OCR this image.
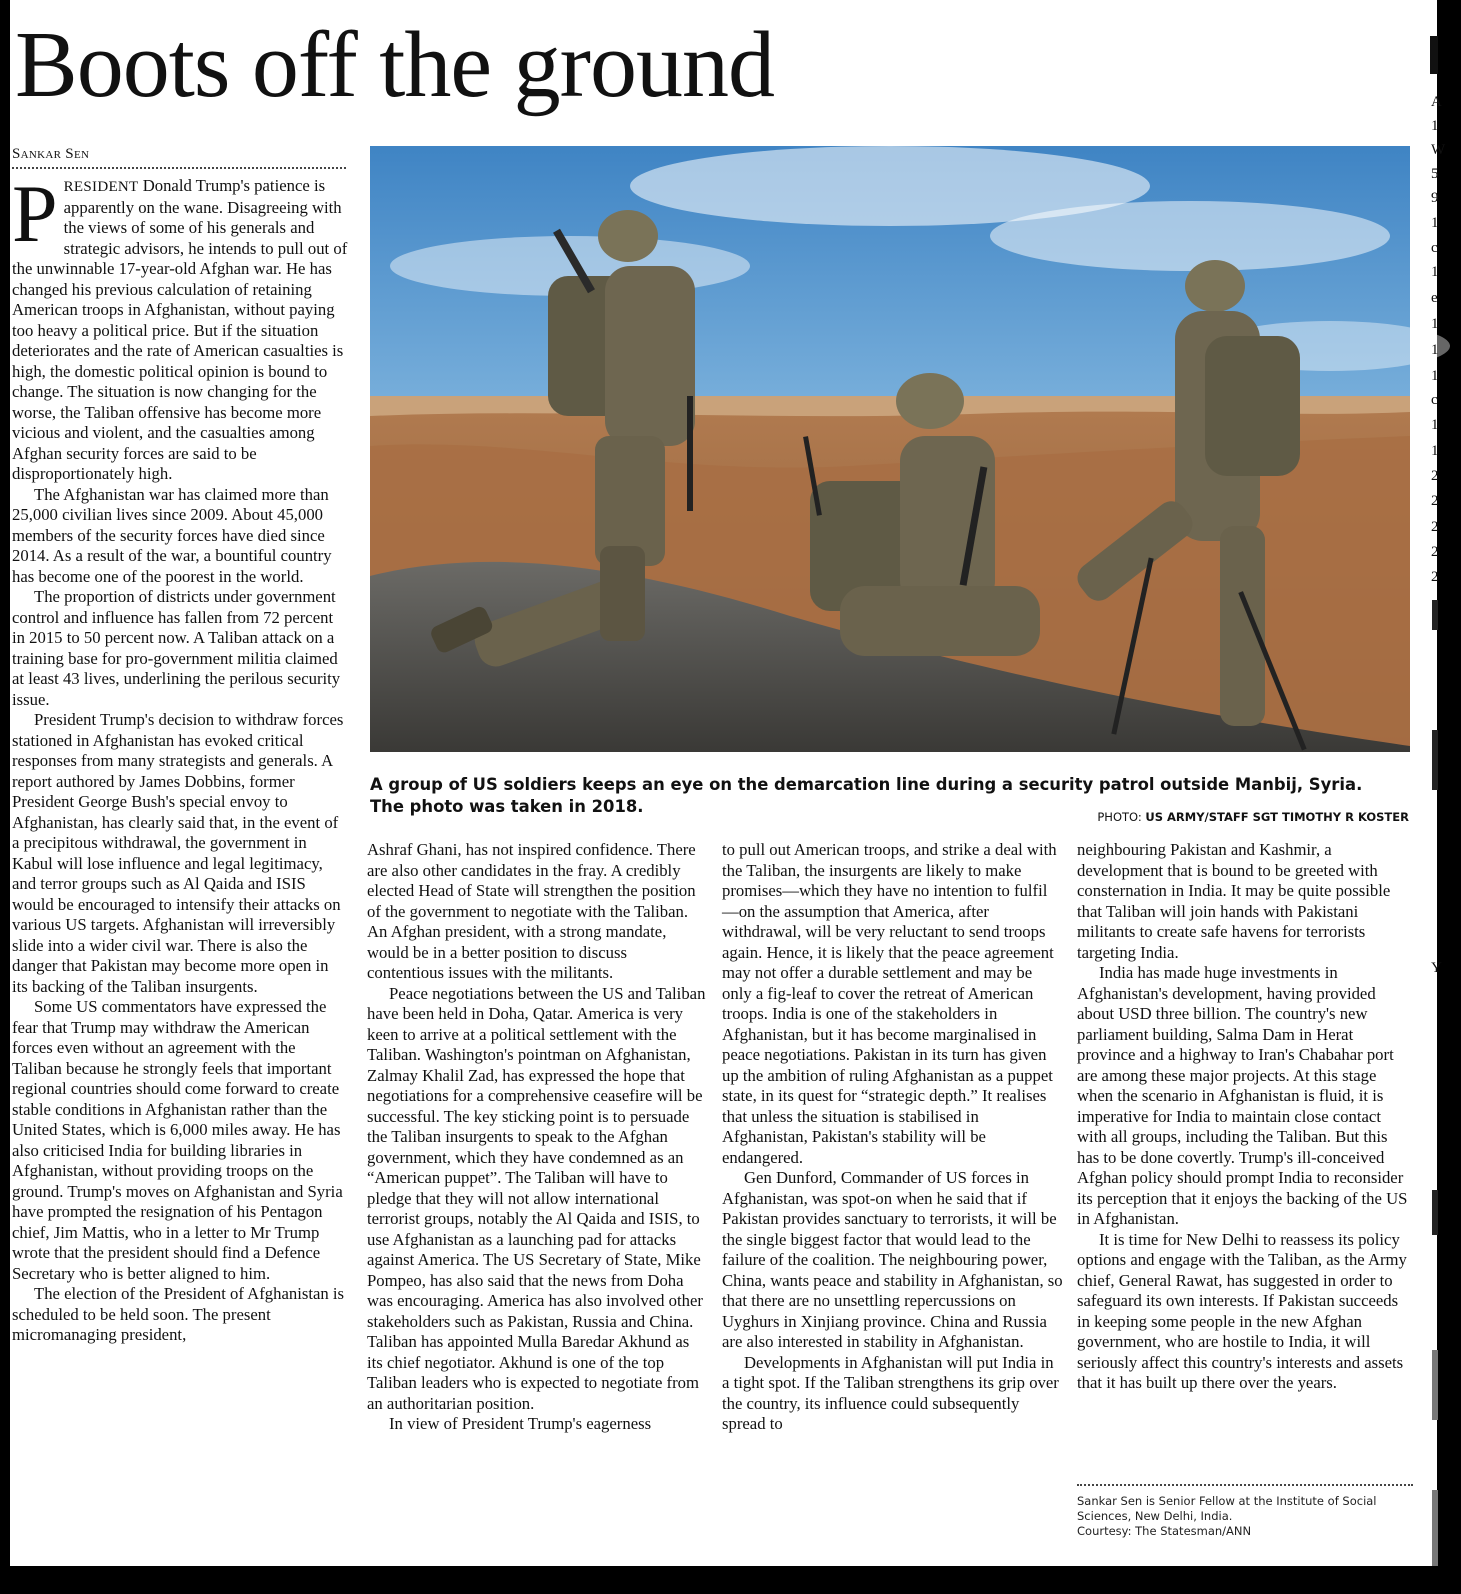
Boots off the ground
Sankar Sen

PRESIDENT Donald Trump's patience is apparently on the wane. Disagreeing with the views of some of his generals and strategic advisors, he intends to pull out of the unwinnable 17-year-old Afghan war. He has changed his previous calculation of retaining American troops in Afghanistan, without paying too heavy a political price. But if the situation deteriorates and the rate of American casualties is high, the domestic political opinion is bound to change. The situation is now changing for the worse, the Taliban offensive has become more vicious and violent, and the casualties among Afghan security forces are said to be disproportionately high.

The Afghanistan war has claimed more than 25,000 civilian lives since 2009. About 45,000 members of the security forces have died since 2014. As a result of the war, a bountiful country has become one of the poorest in the world.

The proportion of districts under government control and influence has fallen from 72 percent in 2015 to 50 percent now. A Taliban attack on a training base for pro-government militia claimed at least 43 lives, underlining the perilous security issue.

President Trump's decision to withdraw forces stationed in Afghanistan has evoked critical responses from many strategists and generals. A report authored by James Dobbins, former President George Bush's special envoy to Afghanistan, has clearly said that, in the event of a precipitous withdrawal, the government in Kabul will lose influence and legal legitimacy, and terror groups such as Al Qaida and ISIS would be encouraged to intensify their attacks on various US targets. Afghanistan will irreversibly slide into a wider civil war. There is also the danger that Pakistan may become more open in its backing of the Taliban insurgents.

Some US commentators have expressed the fear that Trump may withdraw the American forces even without an agreement with the Taliban because he strongly feels that important regional countries should come forward to create stable conditions in Afghanistan rather than the United States, which is 6,000 miles away. He has also criticised India for building libraries in Afghanistan, without providing troops on the ground. Trump's moves on Afghanistan and Syria have prompted the resignation of his Pentagon chief, Jim Mattis, who in a letter to Mr Trump wrote that the president should find a Defence Secretary who is better aligned to him.

The election of the President of Afghanistan is scheduled to be held soon. The present micromanaging president,

A group of US soldiers keeps an eye on the demarcation line during a security patrol outside Manbij, Syria. The photo was taken in 2018.

PHOTO: US ARMY/STAFF SGT TIMOTHY R KOSTER

Ashraf Ghani, has not inspired confidence. There are also other candidates in the fray. A credibly elected Head of State will strengthen the position of the government to negotiate with the Taliban. An Afghan president, with a strong mandate, would be in a better position to discuss contentious issues with the militants.

Peace negotiations between the US and Taliban have been held in Doha, Qatar. America is very keen to arrive at a political settlement with the Taliban. Washington's pointman on Afghanistan, Zalmay Khalil Zad, has expressed the hope that negotiations for a comprehensive ceasefire will be successful. The key sticking point is to persuade the Taliban insurgents to speak to the Afghan government, which they have condemned as an “American puppet”. The Taliban will have to pledge that they will not allow international terrorist groups, notably the Al Qaida and ISIS, to use Afghanistan as a launching pad for attacks against America. The US Secretary of State, Mike Pompeo, has also said that the news from Doha was encouraging. America has also involved other stakeholders such as Pakistan, Russia and China. Taliban has appointed Mulla Baredar Akhund as its chief negotiator. Akhund is one of the top Taliban leaders who is expected to negotiate from an authoritarian position.

In view of President Trump's eagerness

to pull out American troops, and strike a deal with the Taliban, the insurgents are likely to make promises—which they have no intention to fulfil—on the assumption that America, after withdrawal, will be very reluctant to send troops again. Hence, it is likely that the peace agreement may not offer a durable settlement and may be only a fig-leaf to cover the retreat of American troops. India is one of the stakeholders in Afghanistan, but it has become marginalised in peace negotiations. Pakistan in its turn has given up the ambition of ruling Afghanistan as a puppet state, in its quest for “strategic depth.” It realises that unless the situation is stabilised in Afghanistan, Pakistan's stability will be endangered.

Gen Dunford, Commander of US forces in Afghanistan, was spot-on when he said that if Pakistan provides sanctuary to terrorists, it will be the single biggest factor that would lead to the failure of the coalition. The neighbouring power, China, wants peace and stability in Afghanistan, so that there are no unsettling repercussions on Uyghurs in Xinjiang province. China and Russia are also interested in stability in Afghanistan.

Developments in Afghanistan will put India in a tight spot. If the Taliban strengthens its grip over the country, its influence could subsequently spread to

neighbouring Pakistan and Kashmir, a development that is bound to be greeted with consternation in India. It may be quite possible that Taliban will join hands with Pakistani militants to create safe havens for terrorists targeting India.

India has made huge investments in Afghanistan's development, having provided about USD three billion. The country's new parliament building, Salma Dam in Herat province and a highway to Iran's Chabahar port are among these major projects. At this stage when the scenario in Afghanistan is fluid, it is imperative for India to maintain close contact with all groups, including the Taliban. But this has to be done covertly. Trump's ill-conceived Afghan policy should prompt India to reconsider its perception that it enjoys the backing of the US in Afghanistan.

It is time for New Delhi to reassess its policy options and engage with the Taliban, as the Army chief, General Rawat, has suggested in order to safeguard its own interests. If Pakistan succeeds in keeping some people in the new Afghan government, who are hostile to India, it will seriously affect this country's interests and assets that it has built up there over the years.

Sankar Sen is Senior Fellow at the Institute of Social
Sciences, New Delhi, India.
Courtesy: The Statesman/ANN
A
1
W
5
9
1
c
1
e
1
1
1
c
1
1
2
2
2
2
2
Y
